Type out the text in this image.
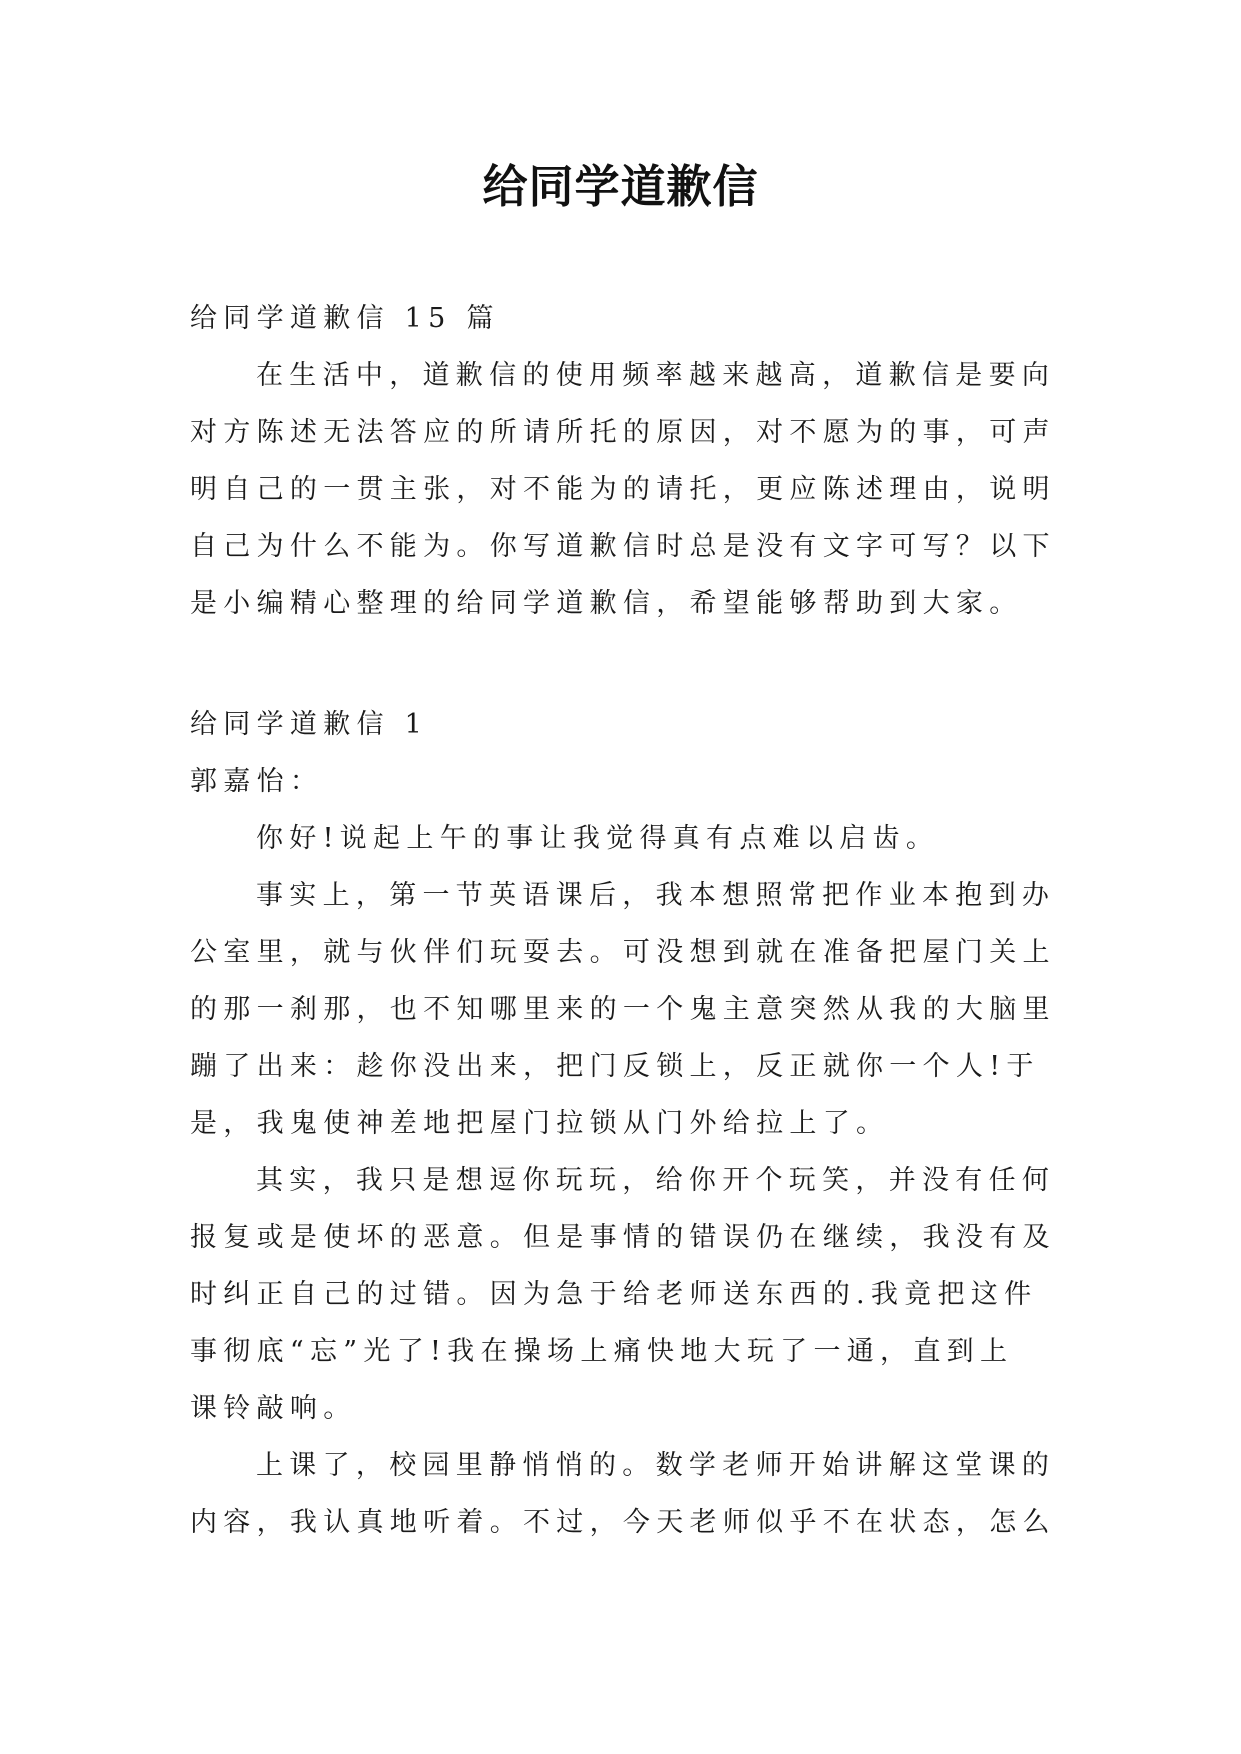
给同学道歉信

给同学道歉信 15 篇

在生活中，道歉信的使用频率越来越高，道歉信是要向

对方陈述无法答应的所请所托的原因，对不愿为的事，可声

明自己的一贯主张，对不能为的请托，更应陈述理由，说明

自己为什么不能为。你写道歉信时总是没有文字可写？以下

是小编精心整理的给同学道歉信，希望能够帮助到大家。

给同学道歉信 1

郭嘉怡：

你好!说起上午的事让我觉得真有点难以启齿。

事实上，第一节英语课后，我本想照常把作业本抱到办

公室里，就与伙伴们玩耍去。可没想到就在准备把屋门关上

的那一刹那，也不知哪里来的一个鬼主意突然从我的大脑里

蹦了出来：趁你没出来，把门反锁上，反正就你一个人!于

是，我鬼使神差地把屋门拉锁从门外给拉上了。

其实，我只是想逗你玩玩，给你开个玩笑，并没有任何

报复或是使坏的恶意。但是事情的错误仍在继续，我没有及

时纠正自己的过错。因为急于给老师送东西的.我竟把这件

事彻底“忘”光了!我在操场上痛快地大玩了一通，直到上

课铃敲响。

上课了，校园里静悄悄的。数学老师开始讲解这堂课的

内容，我认真地听着。不过，今天老师似乎不在状态，怎么
